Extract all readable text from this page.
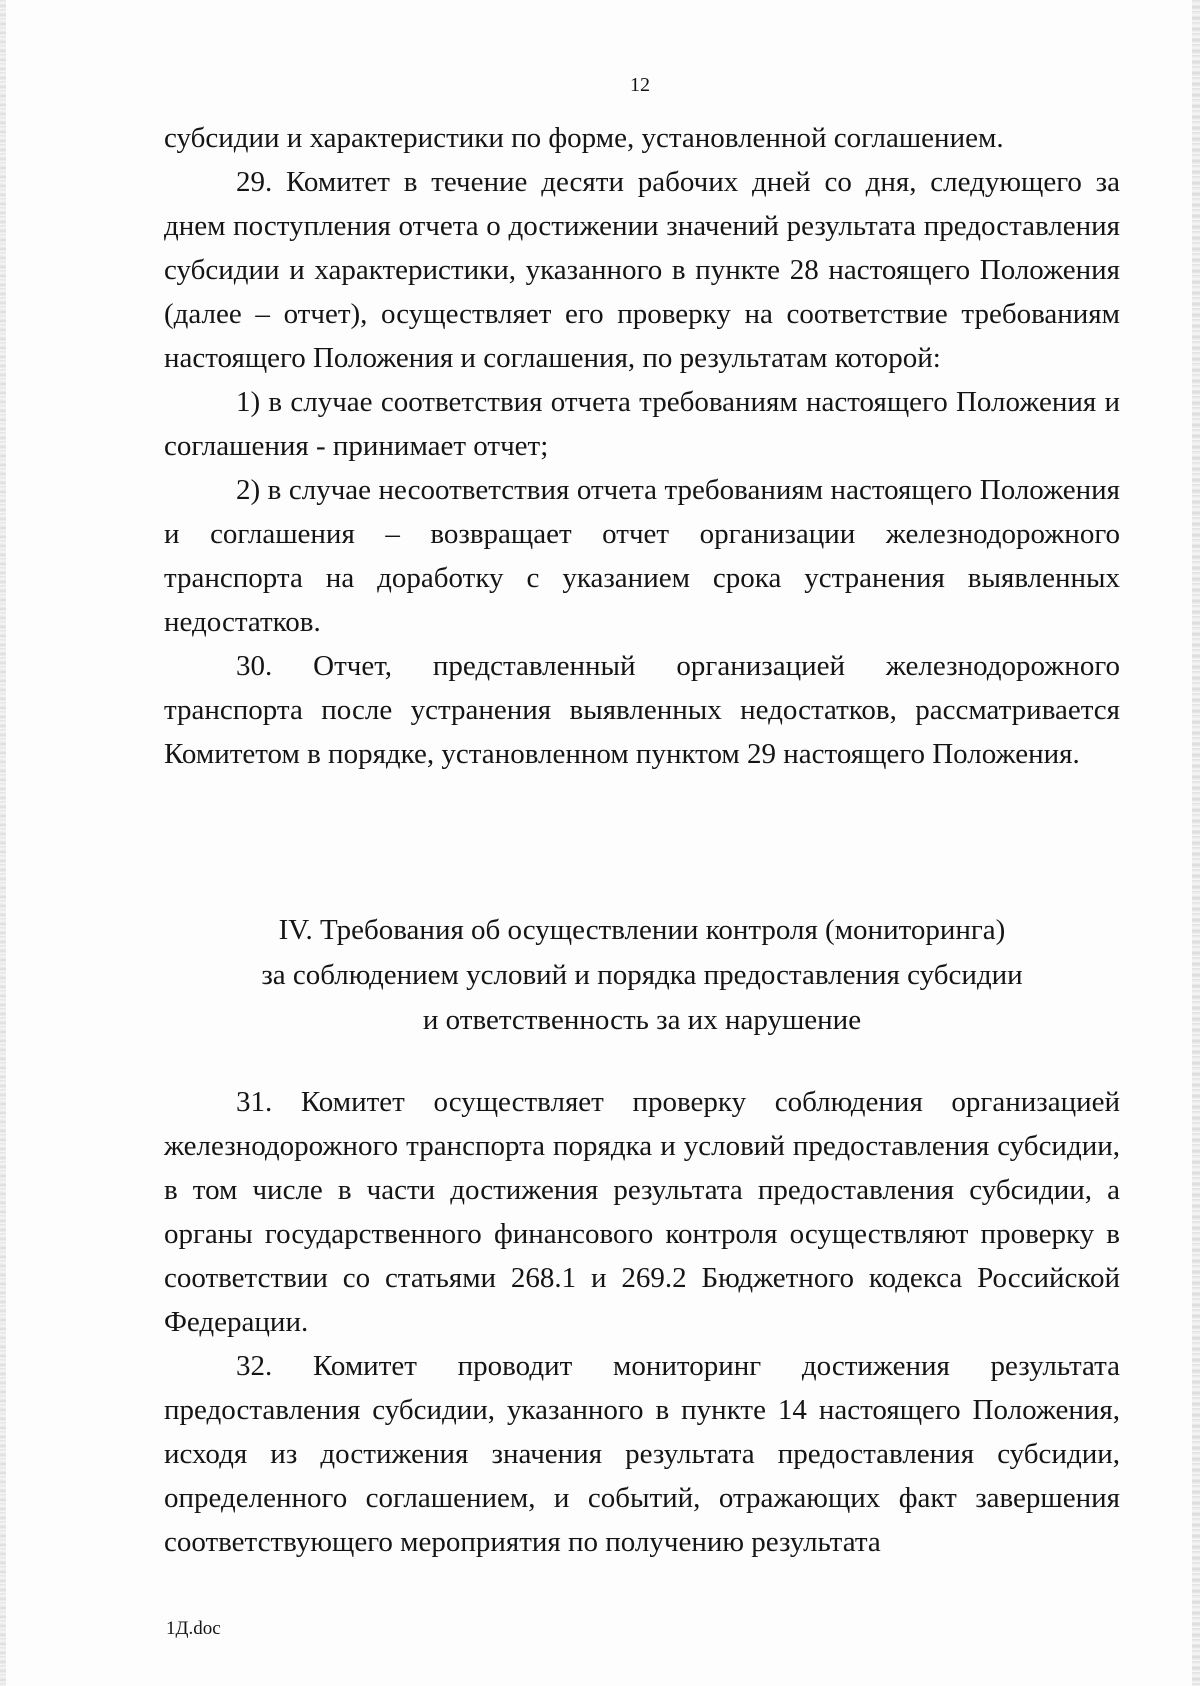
12

субсидии и характеристики по форме, установленной соглашением.

29. Комитет в течение десяти рабочих дней со дня, следующего за днем поступления отчета о достижении значений результата предоставления субсидии и характеристики, указанного в пункте 28 настоящего Положения (далее – отчет), осуществляет его проверку на соответствие требованиям настоящего Положения и соглашения, по результатам которой:

1) в случае соответствия отчета требованиям настоящего Положения и соглашения - принимает отчет;

2) в случае несоответствия отчета требованиям настоящего Положения и соглашения – возвращает отчет организации железнодорожного транспорта на доработку с указанием срока устранения выявленных недостатков.

30. Отчет, представленный организацией железнодорожного транспорта после устранения выявленных недостатков, рассматривается Комитетом в порядке, установленном пунктом 29 настоящего Положения.

IV. Требования об осуществлении контроля (мониторинга)
за соблюдением условий и порядка предоставления субсидии
и ответственность за их нарушение

31. Комитет осуществляет проверку соблюдения организацией железнодорожного транспорта порядка и условий предоставления субсидии, в том числе в части достижения результата предоставления субсидии, а органы государственного финансового контроля осуществляют проверку в соответствии со статьями 268.1 и 269.2 Бюджетного кодекса Российской Федерации.

32. Комитет проводит мониторинг достижения результата предоставления субсидии, указанного в пункте 14 настоящего Положения, исходя из достижения значения результата предоставления субсидии, определенного соглашением, и событий, отражающих факт завершения соответствующего мероприятия по получению результата

1Д.doc
